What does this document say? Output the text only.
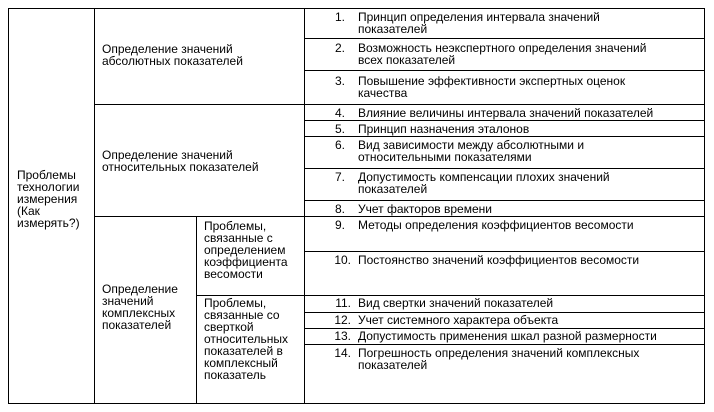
Проблемы
технологии
измерения
(Как
измерять?)
Определение значений
абсолютных показателей
Определение значений
относительных показателей
Определение
значений
комплексных
показателей
Проблемы,
связанные с
определением
коэффициента
весомости
Проблемы,
связанные со
сверткой
относительных
показателей в
комплексный
показатель
1. Принцип определения интервала значений
показателей
2. Возможность неэкспертного определения значений
всех показателей
3. Повышение эффективности экспертных оценок
качества
4. Влияние величины интервала значений показателей
5. Принцип назначения эталонов
6. Вид зависимости между абсолютными и
относительными показателями
7. Допустимость компенсации плохих значений
показателей
8. Учет факторов времени
9. Методы определения коэффициентов весомости
10. Постоянство значений коэффициентов весомости
11. Вид свертки значений показателей
12. Учет системного характера объекта
13. Допустимость применения шкал разной размерности
14. Погрешность определения значений комплексных
показателей
